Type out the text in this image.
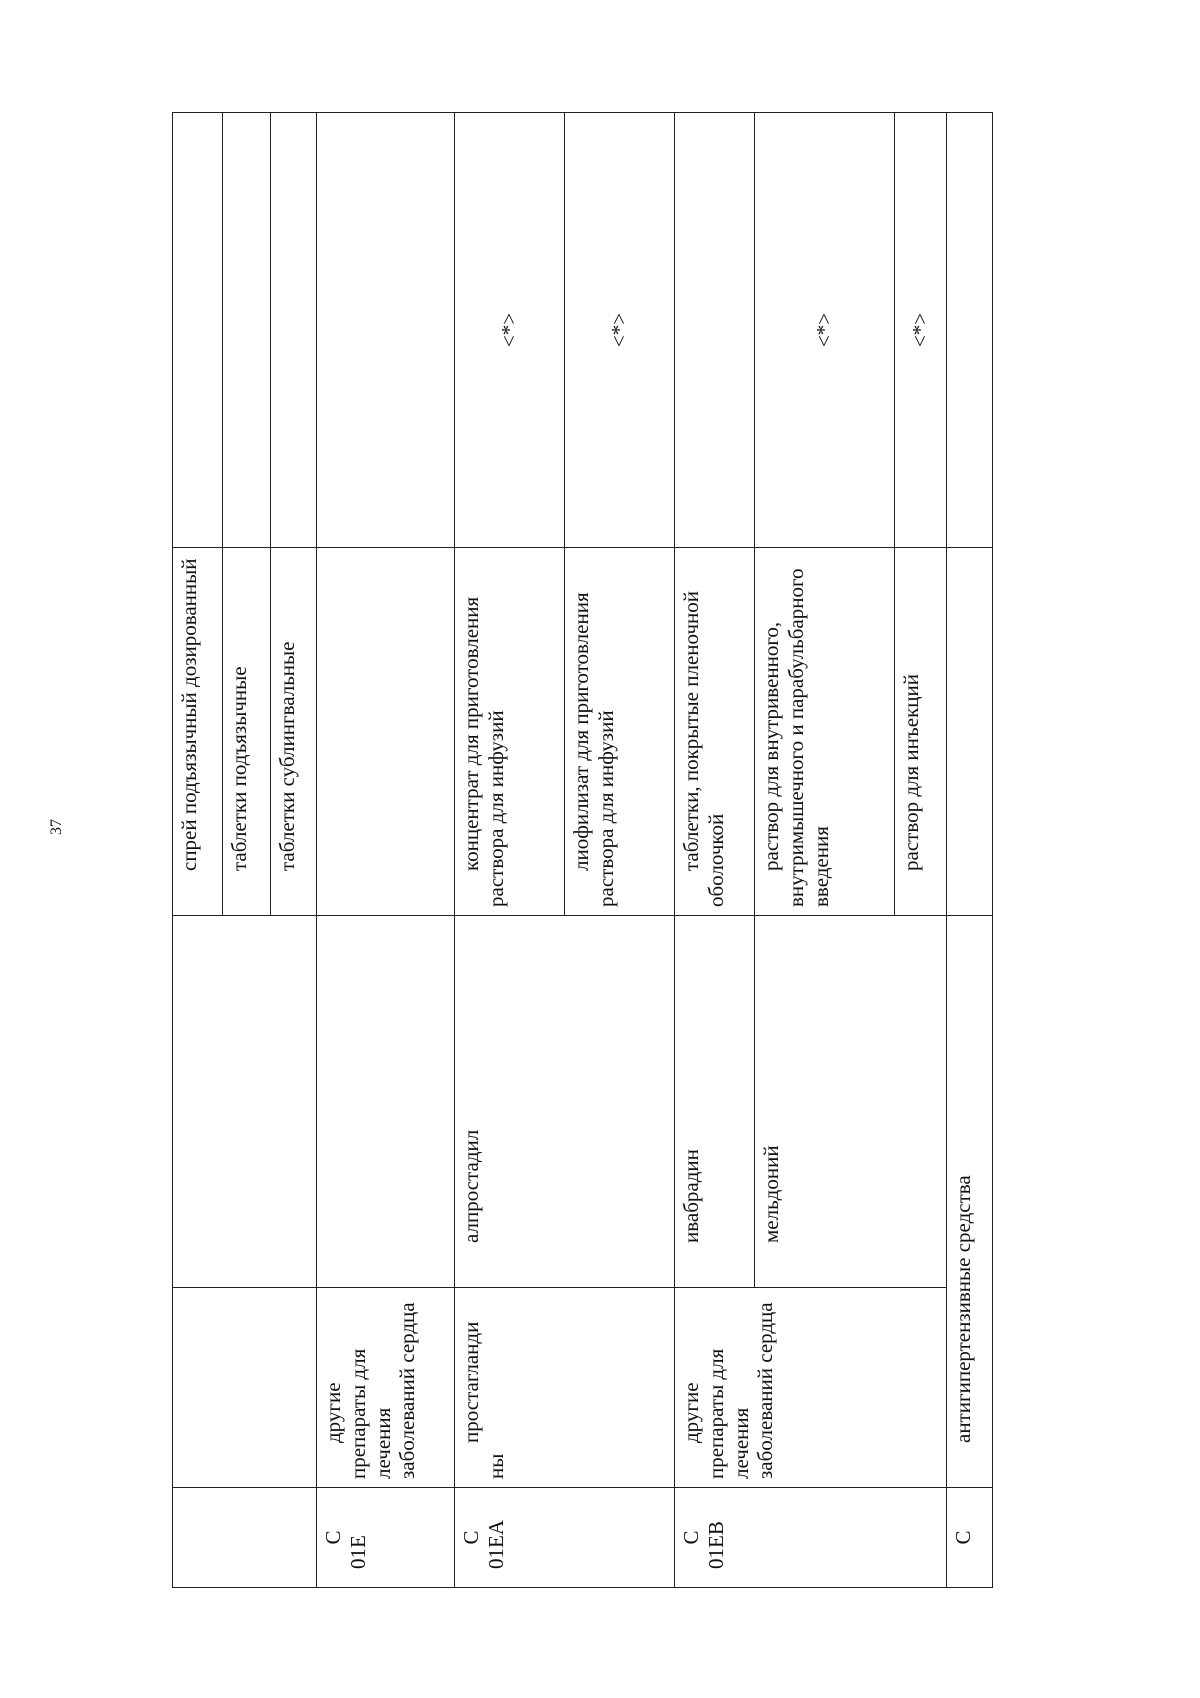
37
				спрей подъязычный дозированный	
			таблетки подъязычные	
			таблетки сублингвальные	

С 01Е	другие препараты для лечения заболеваний сердца			

С 01ЕА	простагланди ны	алпростадил	концентрат для приготовления раствора для инфузий	<*>
			лиофилизат для приготовления раствора для инфузий	<*>

С 01ЕВ	другие препараты для лечения заболеваний сердца	ивабрадин	таблетки, покрытые пленочной оболочкой	
		мельдоний	раствор для внутривенного, внутримышечного и парабульбарного введения	<*>
			раствор для инъекций	<*>
С	антигипертензивные средства			
